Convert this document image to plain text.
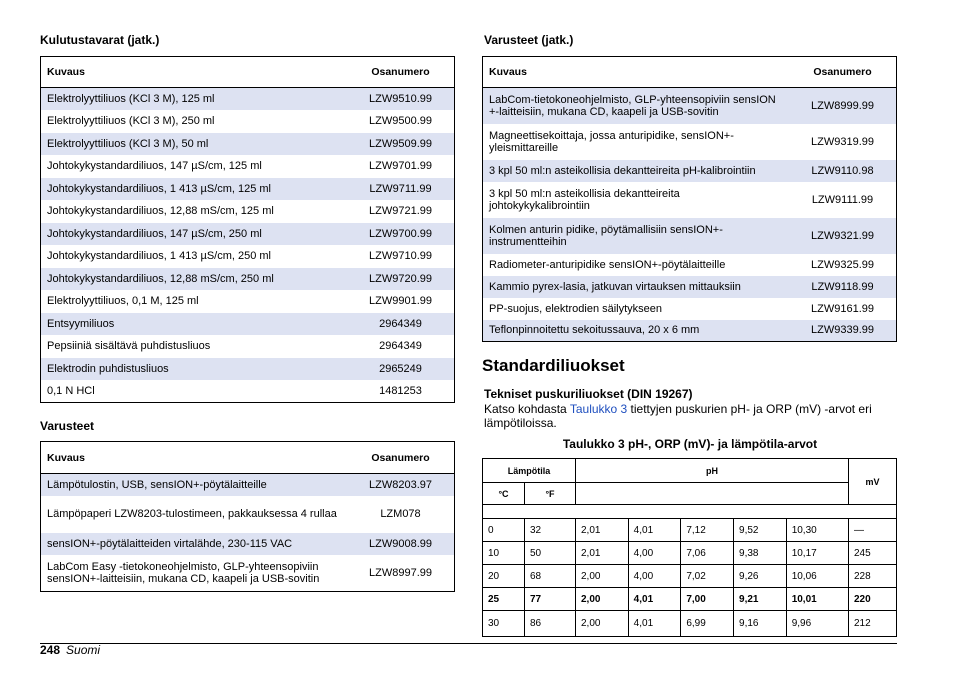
Kulutustavarat (jatk.)
Kuvaus	Osanumero
Elektrolyyttiliuos (KCl 3 M), 125 ml	LZW9510.99
Elektrolyyttiliuos (KCl 3 M), 250 ml	LZW9500.99
Elektrolyyttiliuos (KCl 3 M), 50 ml	LZW9509.99
Johtokykystandardiliuos, 147 µS/cm, 125 ml	LZW9701.99
Johtokykystandardiliuos, 1 413 µS/cm, 125 ml	LZW9711.99
Johtokykystandardiliuos, 12,88 mS/cm, 125 ml	LZW9721.99
Johtokykystandardiliuos, 147 µS/cm, 250 ml	LZW9700.99
Johtokykystandardiliuos, 1 413 µS/cm, 250 ml	LZW9710.99
Johtokykystandardiliuos, 12,88 mS/cm, 250 ml	LZW9720.99
Elektrolyyttiliuos, 0,1 M, 125 ml	LZW9901.99
Entsyymiliuos	2964349
Pepsiiniä sisältävä puhdistusliuos	2964349
Elektrodin puhdistusliuos	2965249
0,1 N HCl	1481253
Varusteet
Kuvaus	Osanumero
Lämpötulostin, USB, sensION+-pöytälaitteille	LZW8203.97
Lämpöpaperi LZW8203-tulostimeen, pakkauksessa 4 rullaa	LZM078
sensION+-pöytälaitteiden virtalähde, 230-115 VAC	LZW9008.99
LabCom Easy -tietokoneohjelmisto, GLP-yhteensopiviin sensION+-laitteisiin, mukana CD, kaapeli ja USB-sovitin	LZW8997.99
Varusteet (jatk.)
Kuvaus	Osanumero
LabCom-tietokoneohjelmisto, GLP-yhteensopiviin sensION +-laitteisiin, mukana CD, kaapeli ja USB-sovitin	LZW8999.99
Magneettisekoittaja, jossa anturipidike, sensION+-yleismittareille	LZW9319.99
3 kpl 50 ml:n asteikollisia dekantteireita pH-kalibrointiin	LZW9110.98
3 kpl 50 ml:n asteikollisia dekantteireita johtokykykalibrointiin	LZW9111.99
Kolmen anturin pidike, pöytämallisiin sensION+-instrumentteihin	LZW9321.99
Radiometer-anturipidike sensION+-pöytälaitteille	LZW9325.99
Kammio pyrex-lasia, jatkuvan virtauksen mittauksiin	LZW9118.99
PP-suojus, elektrodien säilytykseen	LZW9161.99
Teflonpinnoitettu sekoitussauva, 20 x 6 mm	LZW9339.99
Standardiliuokset
Tekniset puskuriliuokset (DIN 19267)
Katso kohdasta Taulukko 3 tiettyjen puskurien pH- ja ORP (mV) -arvot eri lämpötiloissa.
Taulukko 3 pH-, ORP (mV)- ja lämpötila-arvot
Lämpötila		pH					mV
°C	°F						

0	32	2,01	4,01	7,12	9,52	10,30	—
10	50	2,01	4,00	7,06	9,38	10,17	245
20	68	2,00	4,00	7,02	9,26	10,06	228
25	77	2,00	4,01	7,00	9,21	10,01	220
30	86	2,00	4,01	6,99	9,16	9,96	212
248 Suomi
